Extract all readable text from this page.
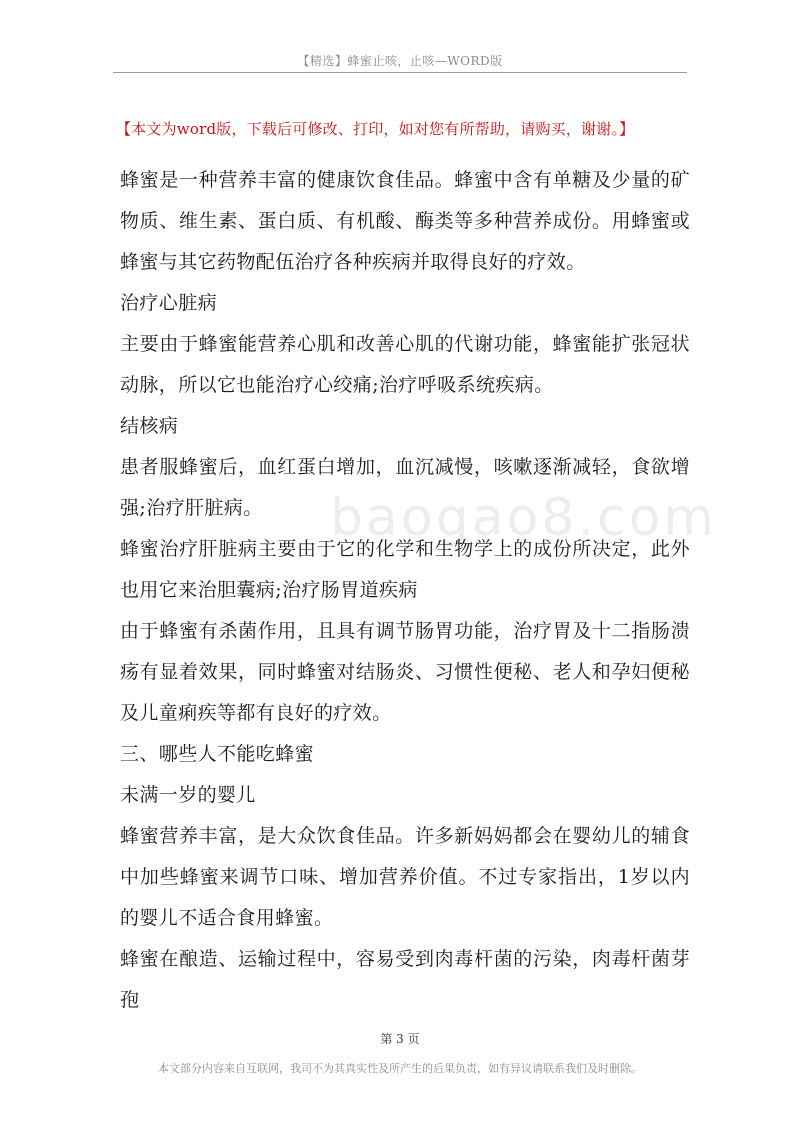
【精选】蜂蜜止咳，止咳—WORD版
【本文为word版，下载后可修改、打印，如对您有所帮助，请购买，谢谢。】
baogao8.com

蜂蜜是一种营养丰富的健康饮食佳品。蜂蜜中含有单糖及少量的矿物质、维生素、蛋白质、有机酸、酶类等多种营养成份。用蜂蜜或蜂蜜与其它药物配伍治疗各种疾病并取得良好的疗效。

治疗心脏病

主要由于蜂蜜能营养心肌和改善心肌的代谢功能，蜂蜜能扩张冠状动脉，所以它也能治疗心绞痛;治疗呼吸系统疾病。

结核病

患者服蜂蜜后，血红蛋白增加，血沉减慢，咳嗽逐渐减轻，食欲增强;治疗肝脏病。

蜂蜜治疗肝脏病主要由于它的化学和生物学上的成份所决定，此外也用它来治胆囊病;治疗肠胃道疾病

由于蜂蜜有杀菌作用，且具有调节肠胃功能，治疗胃及十二指肠溃疡有显着效果，同时蜂蜜对结肠炎、习惯性便秘、老人和孕妇便秘及儿童痢疾等都有良好的疗效。

三、哪些人不能吃蜂蜜

未满一岁的婴儿

蜂蜜营养丰富，是大众饮食佳品。许多新妈妈都会在婴幼儿的辅食中加些蜂蜜来调节口味、增加营养价值。不过专家指出，1岁以内的婴儿不适合食用蜂蜜。

蜂蜜在酿造、运输过程中，容易受到肉毒杆菌的污染，肉毒杆菌芽孢

第 3 页
本文部分内容来自互联网，我司不为其真实性及所产生的后果负责，如有异议请联系我们及时删除。
